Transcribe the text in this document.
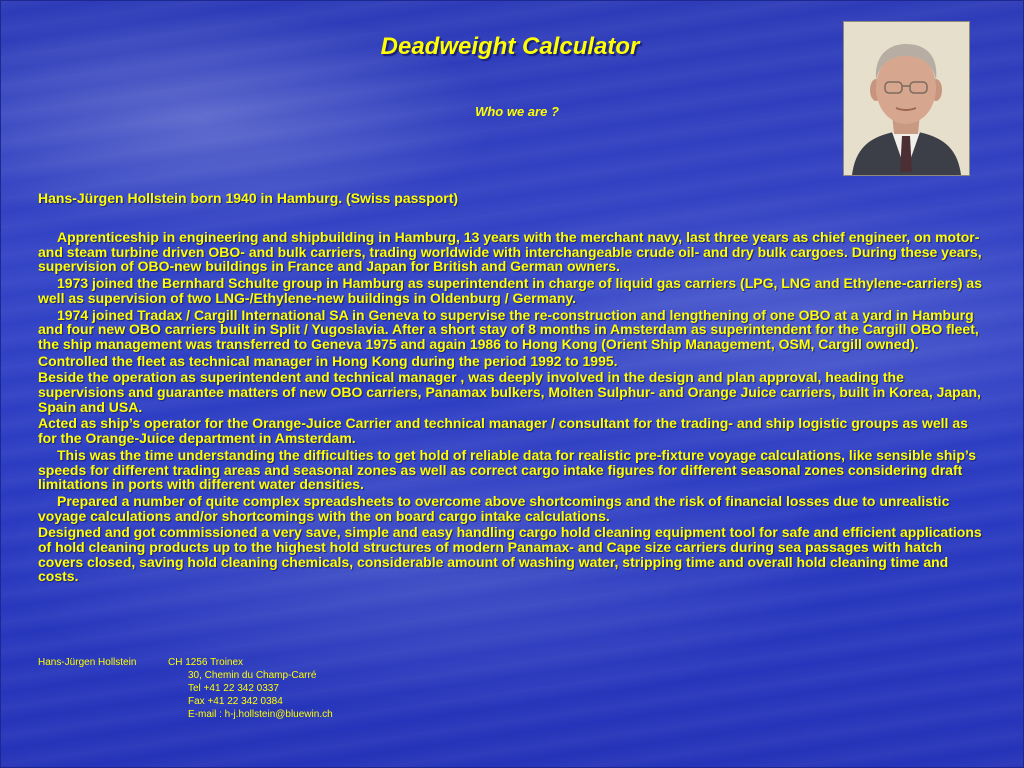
Deadweight Calculator
Who we are ?
Hans-Jürgen Hollstein born 1940 in Hamburg. (Swiss passport)

Apprenticeship in engineering and shipbuilding in Hamburg, 13 years with the merchant navy, last three years as chief engineer, on motor- and steam turbine driven OBO- and bulk carriers, trading worldwide with interchangeable crude oil- and dry bulk cargoes. During these years, supervision of OBO-new buildings in France and Japan for British and German owners.

1973 joined the Bernhard Schulte group in Hamburg as superintendent in charge of liquid gas carriers (LPG, LNG and Ethylene-carriers) as well as supervision of two LNG-/Ethylene-new buildings in Oldenburg / Germany.

1974 joined Tradax / Cargill International SA in Geneva to supervise the re-construction and lengthening of one OBO at a yard in Hamburg and four new OBO carriers built in Split / Yugoslavia. After a short stay of 8 months in Amsterdam as superintendent for the Cargill OBO fleet, the ship management was transferred to Geneva 1975 and again 1986 to Hong Kong (Orient Ship Management, OSM, Cargill owned).

Controlled the fleet as technical manager in Hong Kong during the period 1992 to 1995.

Beside the operation as superintendent and technical manager , was deeply involved in the design and plan approval, heading the supervisions and guarantee matters of new OBO carriers, Panamax bulkers, Molten Sulphur- and Orange Juice carriers, built in Korea, Japan, Spain and USA.

Acted as ship’s operator for the Orange-Juice Carrier and technical manager / consultant for the trading- and ship logistic groups as well as for the Orange-Juice department in Amsterdam.

This was the time understanding the difficulties to get hold of reliable data for realistic pre-fixture voyage calculations, like sensible ship’s speeds for different trading areas and seasonal zones as well as correct cargo intake figures for different seasonal zones considering draft limitations in ports with different water densities.

Prepared a number of quite complex spreadsheets to overcome above shortcomings and the risk of financial losses due to unrealistic voyage calculations and/or shortcomings with the on board cargo intake calculations.

Designed and got commissioned a very save, simple and easy handling cargo hold cleaning equipment tool for safe and efficient applications of hold cleaning products up to the highest hold structures of modern Panamax- and Cape size carriers during sea passages with hatch covers closed, saving hold cleaning chemicals, considerable amount of washing water, stripping time and overall hold cleaning time and costs.

Hans-Jürgen Hollstein	CH 1256 Troinex
30, Chemin du Champ-Carré
Tel +41 22 342 0337
Fax +41 22 342 0384
E-mail : h-j.hollstein@bluewin.ch
